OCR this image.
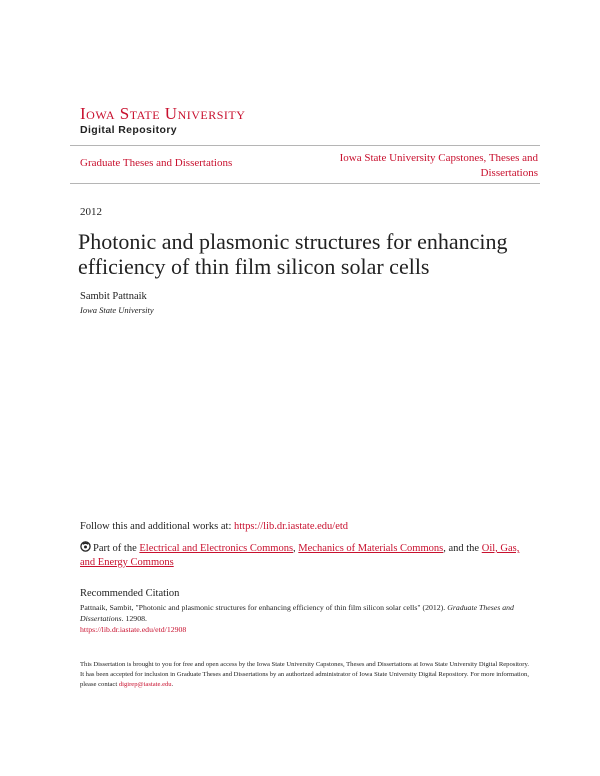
Iowa State University
Digital Repository
Graduate Theses and Dissertations	Iowa State University Capstones, Theses and Dissertations
2012
Photonic and plasmonic structures for enhancing efficiency of thin film silicon solar cells
Sambit Pattnaik
Iowa State University
Follow this and additional works at: https://lib.dr.iastate.edu/etd
Part of the Electrical and Electronics Commons, Mechanics of Materials Commons, and the Oil, Gas, and Energy Commons
Recommended Citation
Pattnaik, Sambit, "Photonic and plasmonic structures for enhancing efficiency of thin film silicon solar cells" (2012). Graduate Theses and Dissertations. 12908.
https://lib.dr.iastate.edu/etd/12908
This Dissertation is brought to you for free and open access by the Iowa State University Capstones, Theses and Dissertations at Iowa State University Digital Repository. It has been accepted for inclusion in Graduate Theses and Dissertations by an authorized administrator of Iowa State University Digital Repository. For more information, please contact digirep@iastate.edu.
